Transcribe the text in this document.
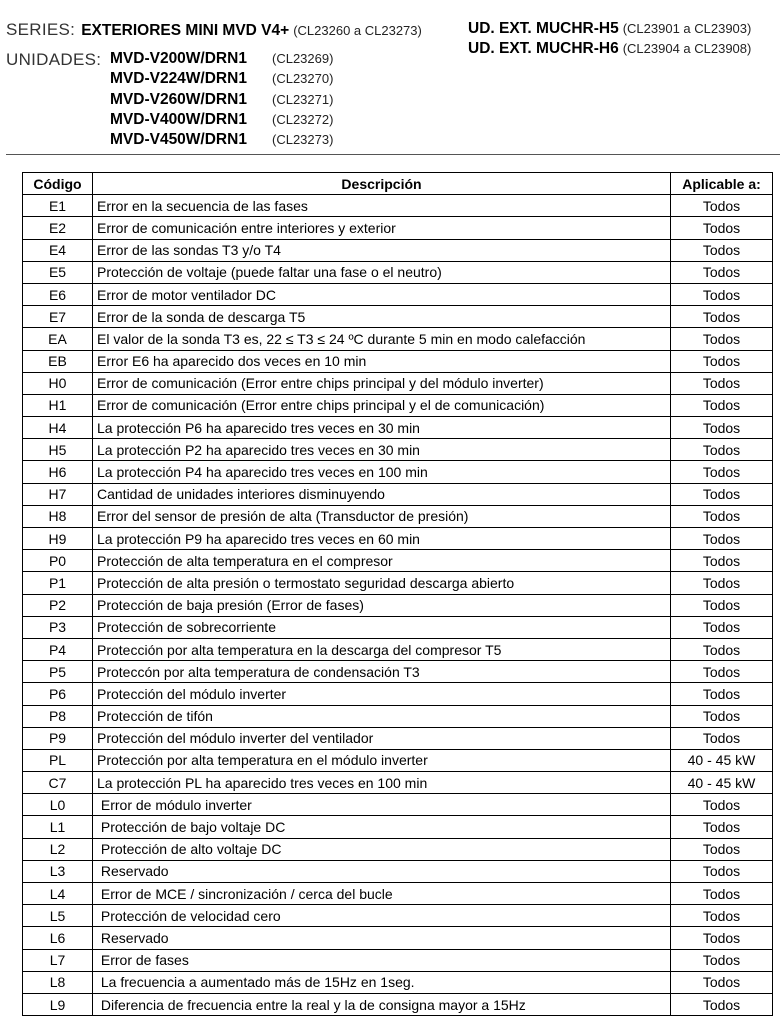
SERIES: EXTERIORES MINI MVD V4+ (CL23260 a CL23273)	UD. EXT. MUCHR-H5 (CL23901 a CL23903)
UD. EXT. MUCHR-H6 (CL23904 a CL23908)
UNIDADES: MVD-V200W/DRN1 (CL23269)
MVD-V224W/DRN1 (CL23270)
MVD-V260W/DRN1 (CL23271)
MVD-V400W/DRN1 (CL23272)
MVD-V450W/DRN1 (CL23273)
Código	Descripción	Aplicable a:
E1	Error en la secuencia de las fases	Todos
E2	Error de comunicación entre interiores y exterior	Todos
E4	Error de las sondas T3 y/o T4	Todos
E5	Protección de voltaje (puede faltar una fase o el neutro)	Todos
E6	Error de motor ventilador DC	Todos
E7	Error de la sonda de descarga T5	Todos
EA	El valor de la sonda T3 es, 22 ≤ T3 ≤ 24 ºC durante 5 min en modo calefacción	Todos
EB	Error E6 ha aparecido dos veces en 10 min	Todos
H0	Error de comunicación (Error entre chips principal y del módulo inverter)	Todos
H1	Error de comunicación (Error entre chips principal y el de comunicación)	Todos
H4	La protección P6 ha aparecido tres veces en 30 min	Todos
H5	La protección P2 ha aparecido tres veces en 30 min	Todos
H6	La protección P4 ha aparecido tres veces en 100 min	Todos
H7	Cantidad de unidades interiores disminuyendo	Todos
H8	Error del sensor de presión de alta (Transductor de presión)	Todos
H9	La protección P9 ha aparecido tres veces en 60 min	Todos
P0	Protección de alta temperatura en el compresor	Todos
P1	Protección de alta presión o termostato seguridad descarga abierto	Todos
P2	Protección de baja presión (Error de fases)	Todos
P3	Protección de sobrecorriente	Todos
P4	Protección por alta temperatura en la descarga del compresor T5	Todos
P5	Proteccón por alta temperatura de condensación T3	Todos
P6	Protección del módulo inverter	Todos
P8	Protección de tifón	Todos
P9	Protección del módulo inverter del ventilador	Todos
PL	Protección por alta temperatura en el módulo inverter	40 - 45 kW
C7	La protección PL ha aparecido tres veces en 100 min	40 - 45 kW
L0	Error de módulo inverter	Todos
L1	Protección de bajo voltaje DC	Todos
L2	Protección de alto voltaje DC	Todos
L3	Reservado	Todos
L4	Error de MCE / sincronización / cerca del bucle	Todos
L5	Protección de velocidad cero	Todos
L6	Reservado	Todos
L7	Error de fases	Todos
L8	La frecuencia a aumentado más de 15Hz en 1seg.	Todos
L9	Diferencia de frecuencia entre la real y la de consigna mayor a 15Hz	Todos
